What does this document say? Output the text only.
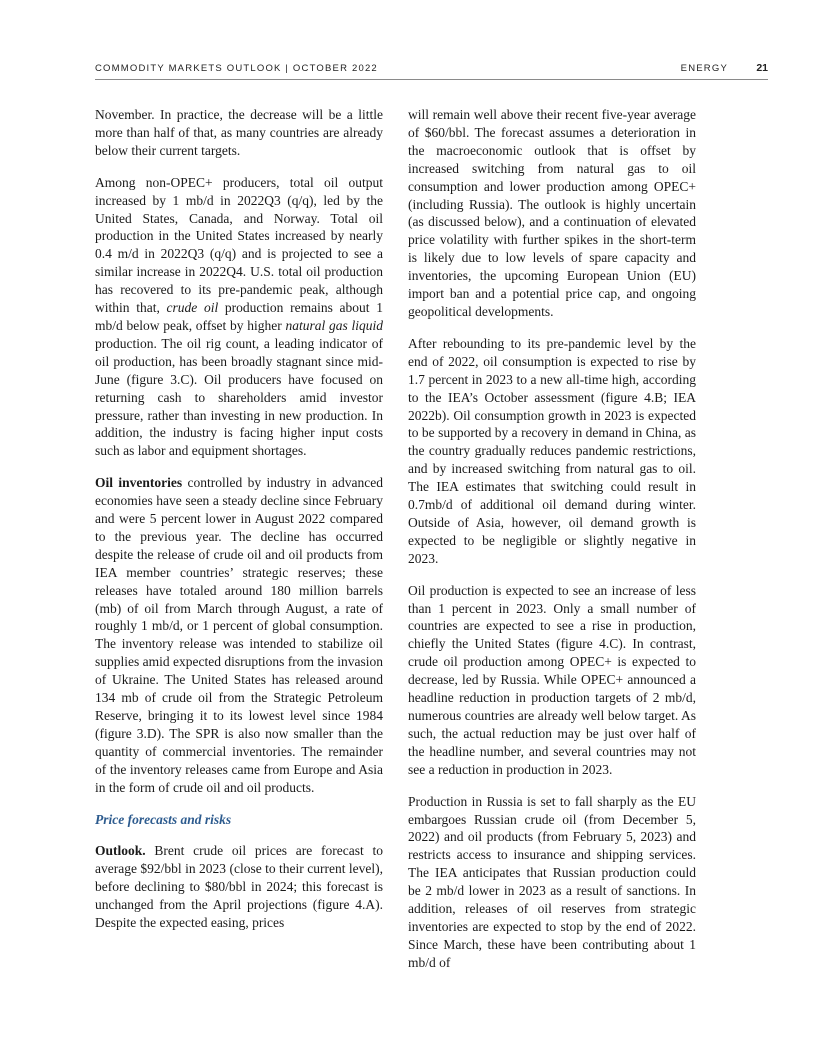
COMMODITY MARKETS OUTLOOK | OCTOBER 2022	ENERGY	21

November. In practice, the decrease will be a little more than half of that, as many countries are already below their current targets.

Among non-OPEC+ producers, total oil output increased by 1 mb/d in 2022Q3 (q/q), led by the United States, Canada, and Norway. Total oil production in the United States increased by nearly 0.4 m/d in 2022Q3 (q/q) and is projected to see a similar increase in 2022Q4. U.S. total oil production has recovered to its pre-pandemic peak, although within that, crude oil production remains about 1 mb/d below peak, offset by higher natural gas liquid production. The oil rig count, a leading indicator of oil production, has been broadly stagnant since mid-June (figure 3.C). Oil producers have focused on returning cash to shareholders amid investor pressure, rather than investing in new production. In addition, the industry is facing higher input costs such as labor and equipment shortages.

Oil inventories controlled by industry in advanced economies have seen a steady decline since February and were 5 percent lower in August 2022 compared to the previous year. The decline has occurred despite the release of crude oil and oil products from IEA member countries’ strategic reserves; these releases have totaled around 180 million barrels (mb) of oil from March through August, a rate of roughly 1 mb/d, or 1 percent of global consumption. The inventory release was intended to stabilize oil supplies amid expected disruptions from the invasion of Ukraine. The United States has released around 134 mb of crude oil from the Strategic Petroleum Reserve, bringing it to its lowest level since 1984 (figure 3.D). The SPR is also now smaller than the quantity of commercial inventories. The remainder of the inventory releases came from Europe and Asia in the form of crude oil and oil products.

Price forecasts and risks

Outlook. Brent crude oil prices are forecast to average $92/bbl in 2023 (close to their current level), before declining to $80/bbl in 2024; this forecast is unchanged from the April projections (figure 4.A). Despite the expected easing, prices

will remain well above their recent five-year average of $60/bbl. The forecast assumes a deterioration in the macroeconomic outlook that is offset by increased switching from natural gas to oil consumption and lower production among OPEC+ (including Russia). The outlook is highly uncertain (as discussed below), and a continuation of elevated price volatility with further spikes in the short-term is likely due to low levels of spare capacity and inventories, the upcoming European Union (EU) import ban and a potential price cap, and ongoing geopolitical developments.

After rebounding to its pre-pandemic level by the end of 2022, oil consumption is expected to rise by 1.7 percent in 2023 to a new all-time high, according to the IEA’s October assessment (figure 4.B; IEA 2022b). Oil consumption growth in 2023 is expected to be supported by a recovery in demand in China, as the country gradually reduces pandemic restrictions, and by increased switching from natural gas to oil. The IEA estimates that switching could result in 0.7mb/d of additional oil demand during winter. Outside of Asia, however, oil demand growth is expected to be negligible or slightly negative in 2023.

Oil production is expected to see an increase of less than 1 percent in 2023. Only a small number of countries are expected to see a rise in production, chiefly the United States (figure 4.C). In contrast, crude oil production among OPEC+ is expected to decrease, led by Russia. While OPEC+ announced a headline reduction in production targets of 2 mb/d, numerous countries are already well below target. As such, the actual reduction may be just over half of the headline number, and several countries may not see a reduction in production in 2023.

Production in Russia is set to fall sharply as the EU embargoes Russian crude oil (from December 5, 2022) and oil products (from February 5, 2023) and restricts access to insurance and shipping services. The IEA anticipates that Russian production could be 2 mb/d lower in 2023 as a result of sanctions. In addition, releases of oil reserves from strategic inventories are expected to stop by the end of 2022. Since March, these have been contributing about 1 mb/d of
